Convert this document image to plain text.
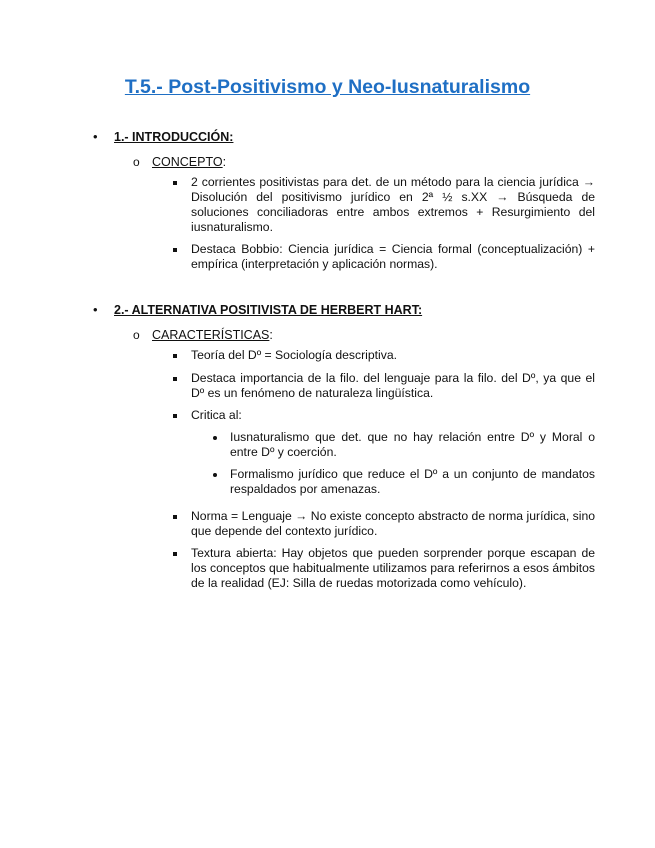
T.5.- Post-Positivismo y Neo-Iusnaturalismo
• 1.- INTRODUCCIÓN:
o CONCEPTO:
2 corrientes positivistas para det. de un método para la ciencia jurídica → Disolución del positivismo jurídico en 2ª ½ s.XX → Búsqueda de soluciones conciliadoras entre ambos extremos + Resurgimiento del iusnaturalismo.
Destaca Bobbio: Ciencia jurídica = Ciencia formal (conceptualización) + empírica (interpretación y aplicación normas).
• 2.- ALTERNATIVA POSITIVISTA DE HERBERT HART:
o CARACTERÍSTICAS:
Teoría del Dº = Sociología descriptiva.
Destaca importancia de la filo. del lenguaje para la filo. del Dº, ya que el Dº es un fenómeno de naturaleza lingüística.
Critica al:
Iusnaturalismo que det. que no hay relación entre Dº y Moral o entre Dº y coerción.
Formalismo jurídico que reduce el Dº a un conjunto de mandatos respaldados por amenazas.
Norma = Lenguaje → No existe concepto abstracto de norma jurídica, sino que depende del contexto jurídico.
Textura abierta: Hay objetos que pueden sorprender porque escapan de los conceptos que habitualmente utilizamos para referirnos a esos ámbitos de la realidad (EJ: Silla de ruedas motorizada como vehículo).
